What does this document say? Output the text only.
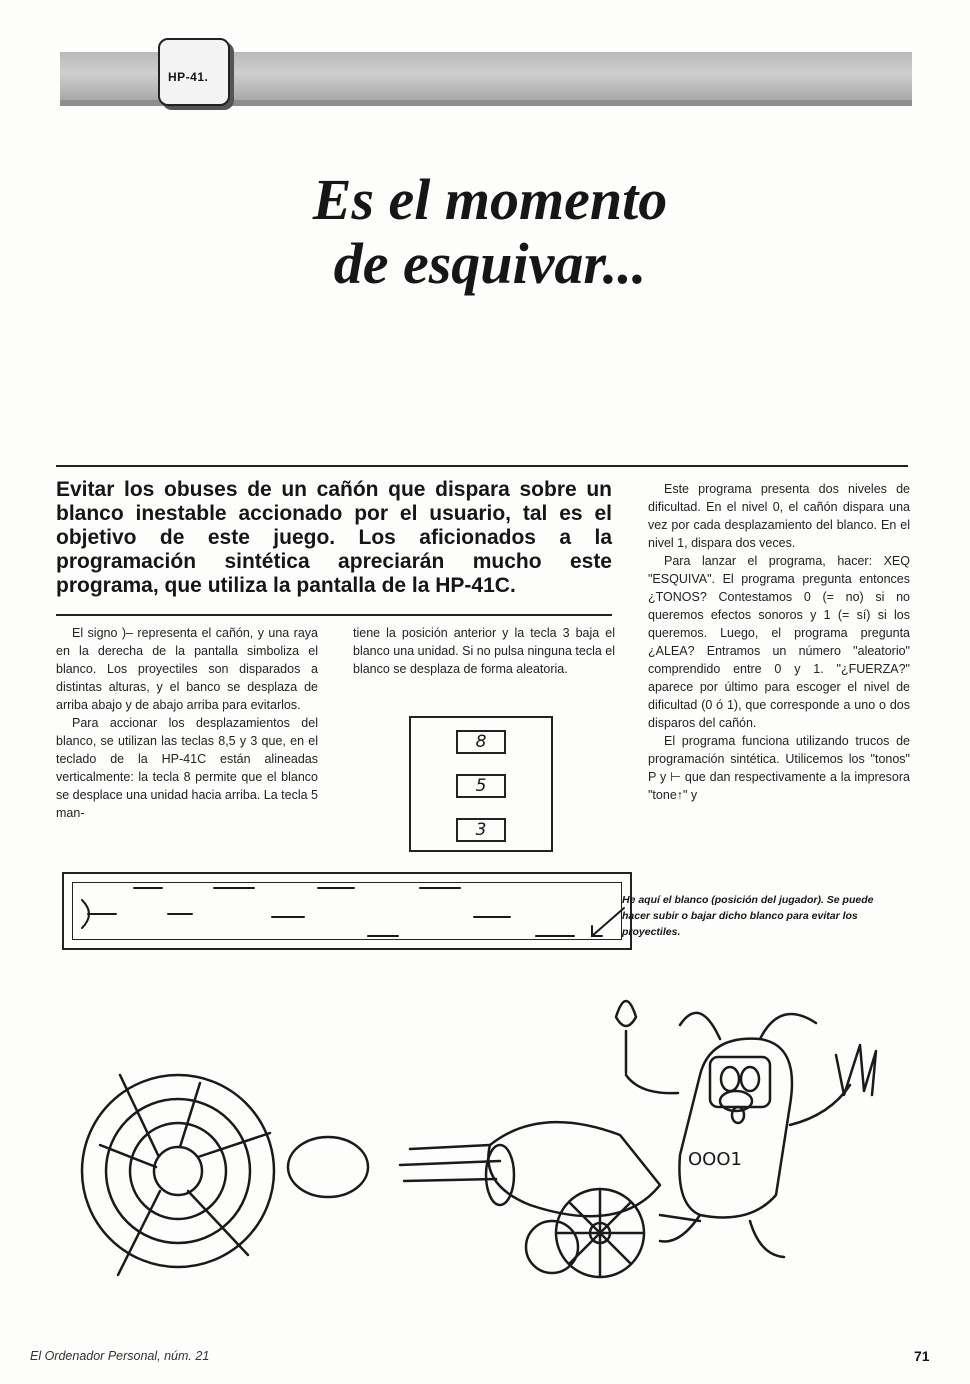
HP-41.
Es el momento
de esquivar...
Evitar los obuses de un cañón que dispara sobre un blanco inestable accionado por el usuario, tal es el objetivo de este juego. Los aficionados a la programación sintética apreciarán mucho este programa, que utiliza la pantalla de la HP-41C.

El signo )– representa el cañón, y una raya en la derecha de la pantalla simboliza el blanco. Los proyectiles son disparados a distintas alturas, y el banco se desplaza de arriba abajo y de abajo arriba para evitarlos.

Para accionar los desplazamientos del blanco, se utilizan las teclas 8,5 y 3 que, en el teclado de la HP-41C están alineadas verticalmente: la tecla 8 permite que el blanco se desplace una unidad hacia arriba. La tecla 5 man-

tiene la posición anterior y la tecla 3 baja el blanco una unidad. Si no pulsa ninguna tecla el blanco se desplaza de forma aleatoria.

8
5
3

Este programa presenta dos niveles de dificultad. En el nivel 0, el cañón dispara una vez por cada desplazamiento del blanco. En el nivel 1, dispara dos veces.

Para lanzar el programa, hacer: XEQ "ESQUIVA". El programa pregunta entonces ¿TONOS? Contestamos 0 (= no) si no queremos efectos sonoros y 1 (= sí) si los queremos. Luego, el programa pregunta ¿ALEA? Entramos un número "aleatorio" comprendido entre 0 y 1. "¿FUERZA?" aparece por último para escoger el nivel de dificultad (0 ó 1), que corresponde a uno o dos disparos del cañón.

El programa funciona utilizando trucos de programación sintética. Utilicemos los "tonos" P y ⊢ que dan respectivamente a la impresora "tone↑" y

He aquí el blanco (posición del jugador). Se puede hacer subir o bajar dicho blanco para evitar los proyectiles.
OOO1
El Ordenador Personal, núm. 21	71
